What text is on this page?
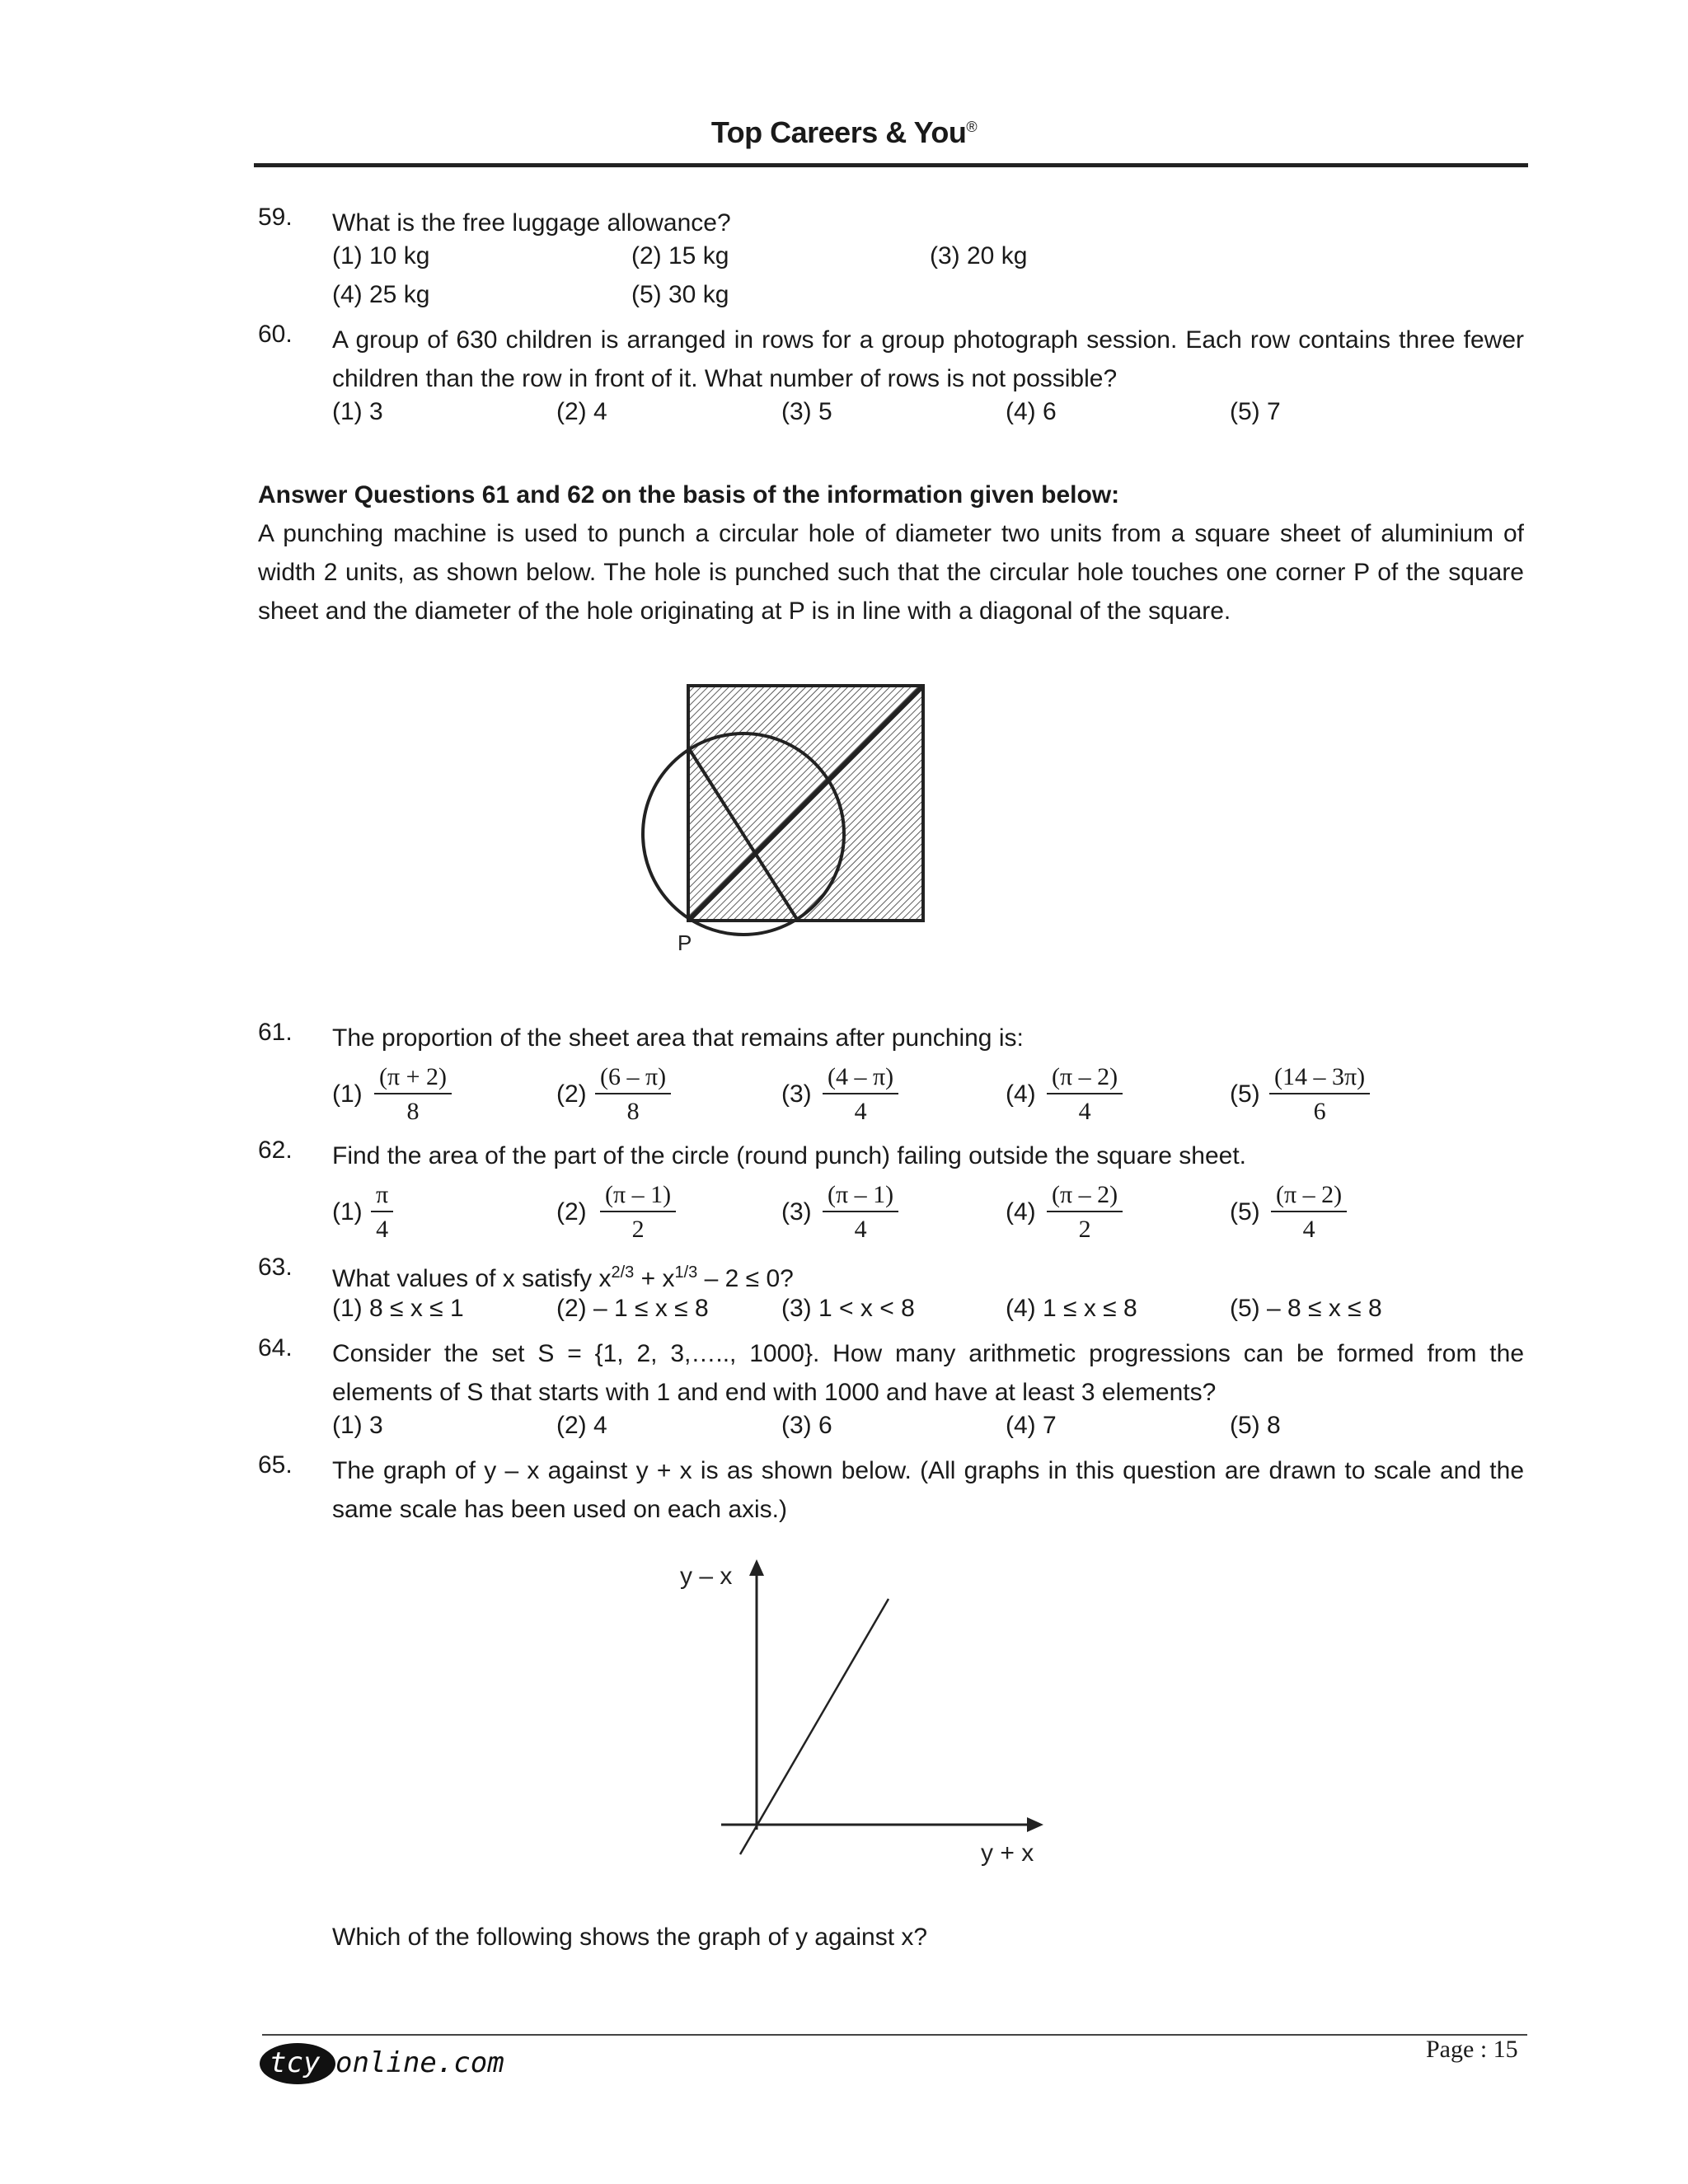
Top Careers & You®
59. What is the free luggage allowance?
(1) 10 kg	(2) 15 kg	(3) 20 kg
(4) 25 kg	(5) 30 kg
60. A group of 630 children is arranged in rows for a group photograph session. Each row contains three fewer children than the row in front of it. What number of rows is not possible?
(1) 3	(2) 4	(3) 5	(4) 6	(5) 7
Answer Questions 61 and 62 on the basis of the information given below:
A punching machine is used to punch a circular hole of diameter two units from a square sheet of aluminium of width 2 units, as shown below. The hole is punched such that the circular hole touches one corner P of the square sheet and the diameter of the hole originating at P is in line with a diagonal of the square.
P
61. The proportion of the sheet area that remains after punching is:
$(1) \frac{(\pi + 2)}{8}$	$(2) \frac{(6 - \pi)}{8}$	$(3) \frac{(4 - \pi)}{4}$	$(4) \frac{(\pi - 2)}{4}$	$(5) \frac{(14 - 3\pi)}{6}$
62. Find the area of the part of the circle (round punch) failing outside the square sheet.
$(1) \frac{\pi}{4}$	$(2) \frac{(\pi - 1)}{2}$	$(3) \frac{(\pi - 1)}{4}$	$(4) \frac{(\pi - 2)}{2}$	$(5) \frac{(\pi - 2)}{4}$
63. What values of x satisfy $x^{2/3} + x^{1/3} - 2 \le 0$?
(1) 8 ≤ x ≤ 1	(2) – 1 ≤ x ≤ 8	(3) 1 < x < 8	(4) 1 ≤ x ≤ 8	(5) – 8 ≤ x ≤ 8
64. Consider the set S = {1, 2, 3,….., 1000}. How many arithmetic progressions can be formed from the elements of S that starts with 1 and end with 1000 and have at least 3 elements?
(1) 3	(2) 4	(3) 6	(4) 7	(5) 8
65. The graph of y – x against y + x is as shown below. (All graphs in this question are drawn to scale and the same scale has been used on each axis.)
y – x
y + x
Which of the following shows the graph of y against x?
tcy online.com	Page : 15
